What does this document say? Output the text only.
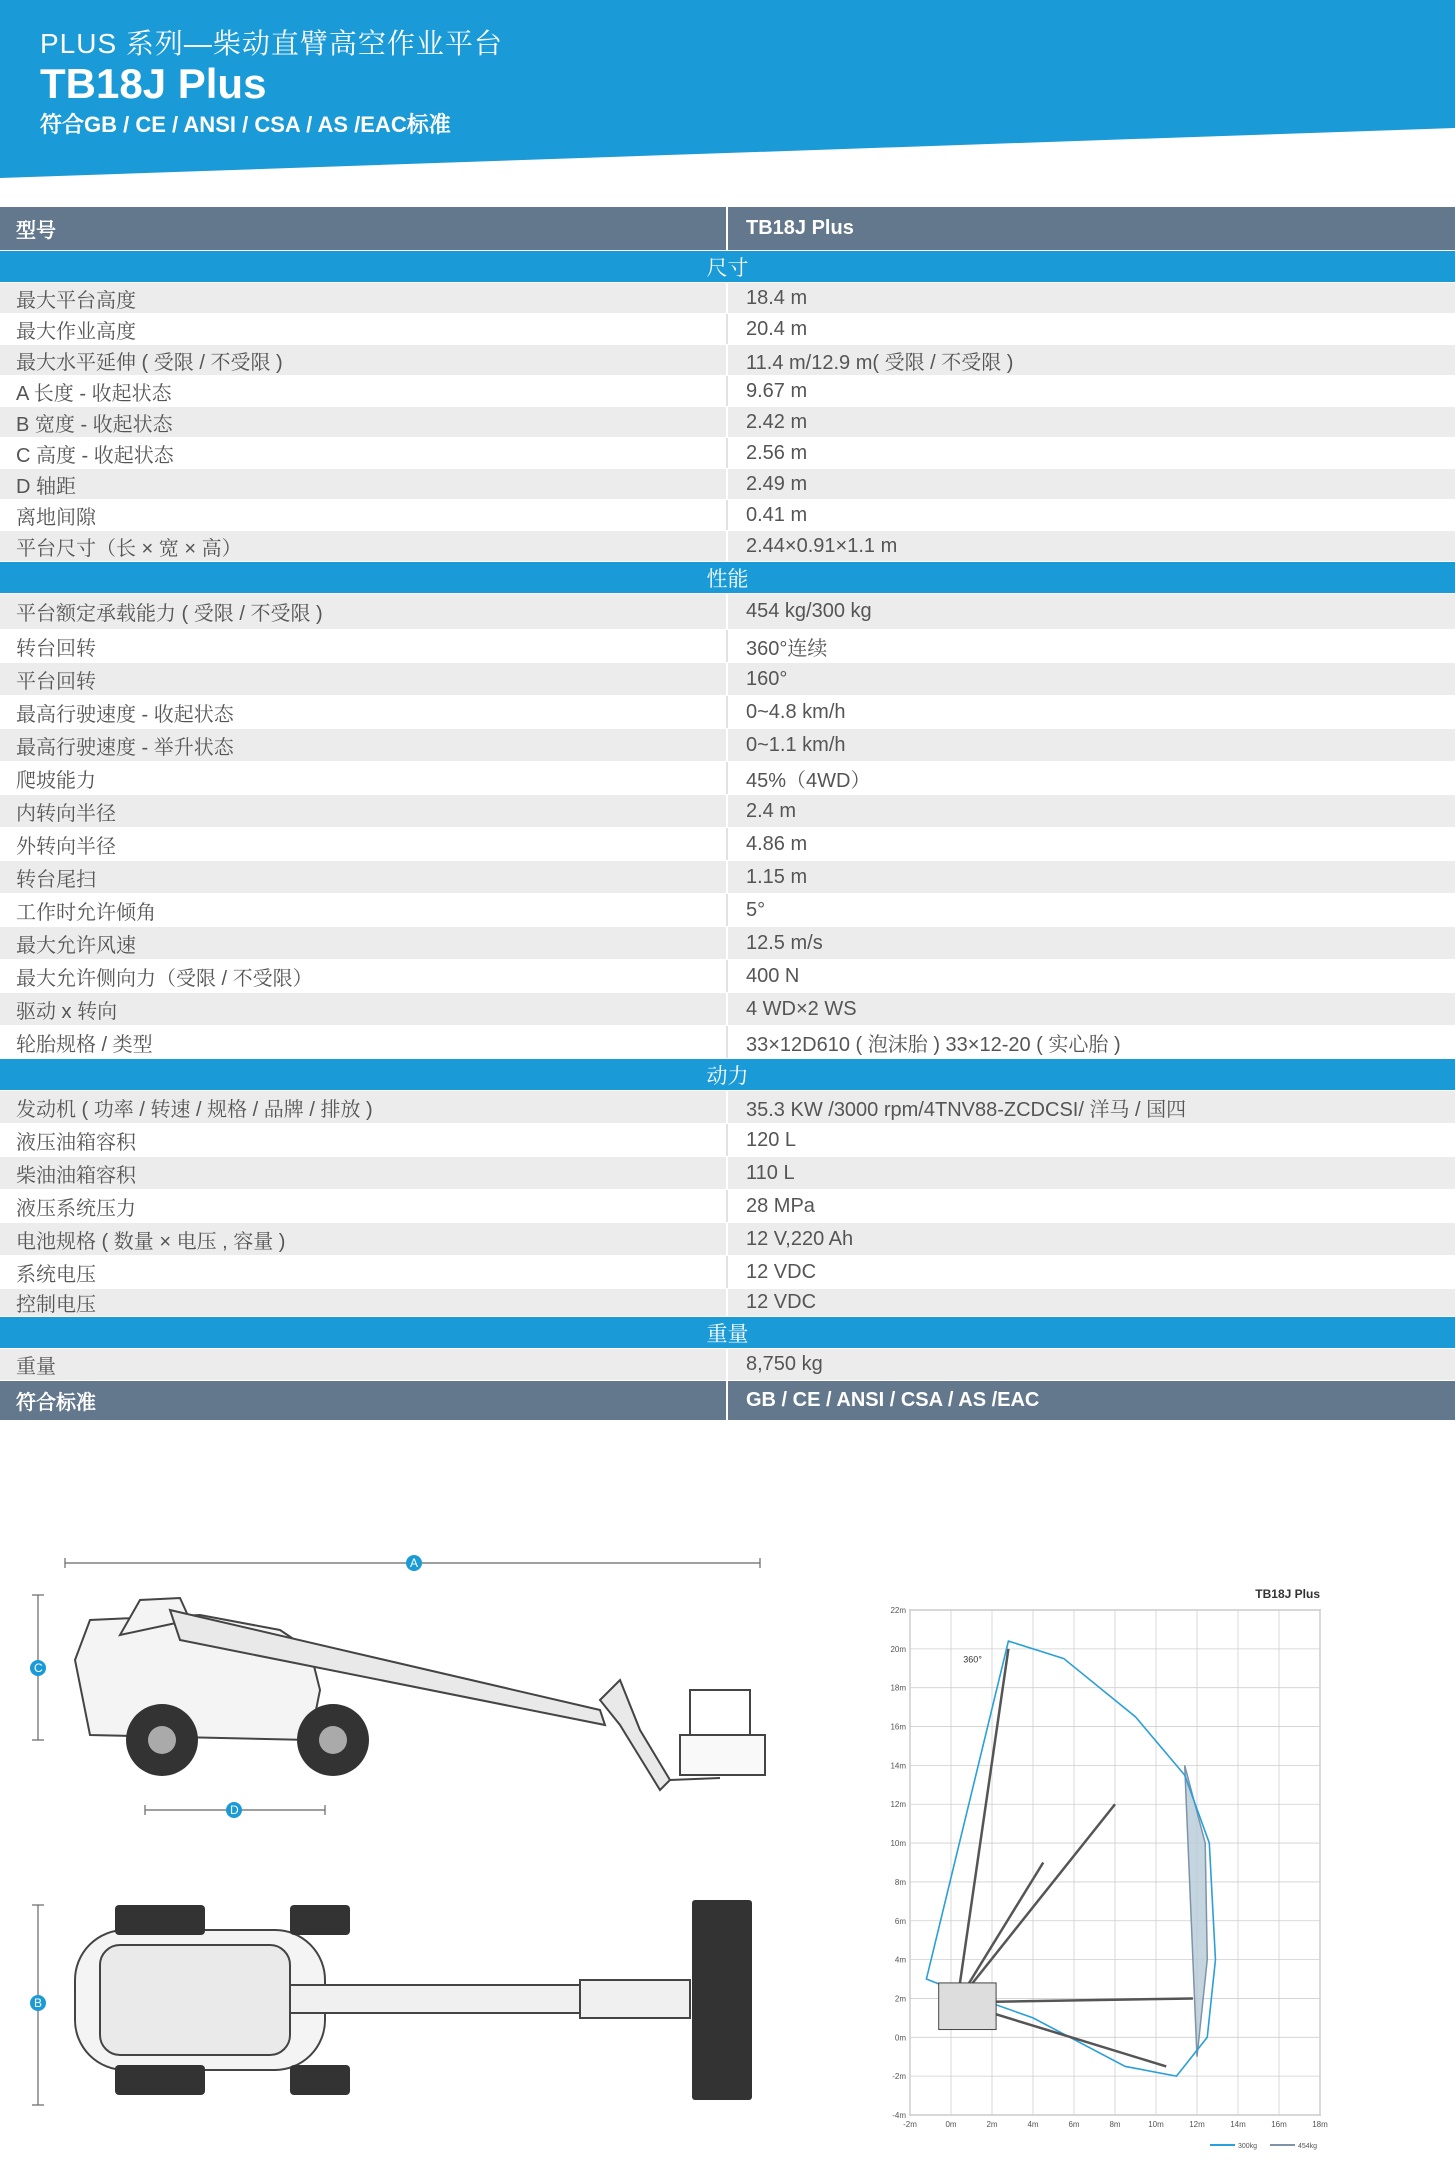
PLUS 系列—柴动直臂高空作业平台
TB18J Plus
符合GB / CE / ANSI / CSA / AS /EAC标准
型号	TB18J Plus
尺寸
最大平台高度	18.4 m
最大作业高度	20.4 m
最大水平延伸 ( 受限 / 不受限 )	11.4 m/12.9 m( 受限 / 不受限 )
A 长度 - 收起状态	9.67 m
B 宽度 - 收起状态	2.42 m
C 高度 - 收起状态	2.56 m
D 轴距	2.49 m
离地间隙	0.41 m
平台尺寸（长 × 宽 × 高）	2.44×0.91×1.1 m
性能
平台额定承载能力 ( 受限 / 不受限 )	454 kg/300 kg
转台回转	360°连续
平台回转	160°
最高行驶速度 - 收起状态	0~4.8 km/h
最高行驶速度 - 举升状态	0~1.1 km/h
爬坡能力	45%（4WD）
内转向半径	2.4 m
外转向半径	4.86 m
转台尾扫	1.15 m
工作时允许倾角	5°
最大允许风速	12.5 m/s
最大允许侧向力（受限 / 不受限）	400 N
驱动 x 转向	4 WD×2 WS
轮胎规格 / 类型	33×12D610 ( 泡沫胎 ) 33×12-20 ( 实心胎 )
动力
发动机 ( 功率 / 转速 / 规格 / 品牌 / 排放 )	35.3 KW /3000 rpm/4TNV88-ZCDCSI/ 洋马 / 国四
液压油箱容积	120 L
柴油油箱容积	110 L
液压系统压力	28 MPa
电池规格 ( 数量 × 电压 , 容量 )	12 V,220 Ah
系统电压	12 VDC
控制电压	12 VDC
重量
重量	8,750 kg
符合标准	GB / CE / ANSI / CSA / AS /EAC
A
C
D
B
22m
20m
18m
16m
14m
12m
10m
8m
6m
4m
2m
0m
-2m
-4m
-2m	0m	2m	4m	6m	8m	10m	12m	14m	16m	18m
TB18J Plus
360°
300kg	454kg
